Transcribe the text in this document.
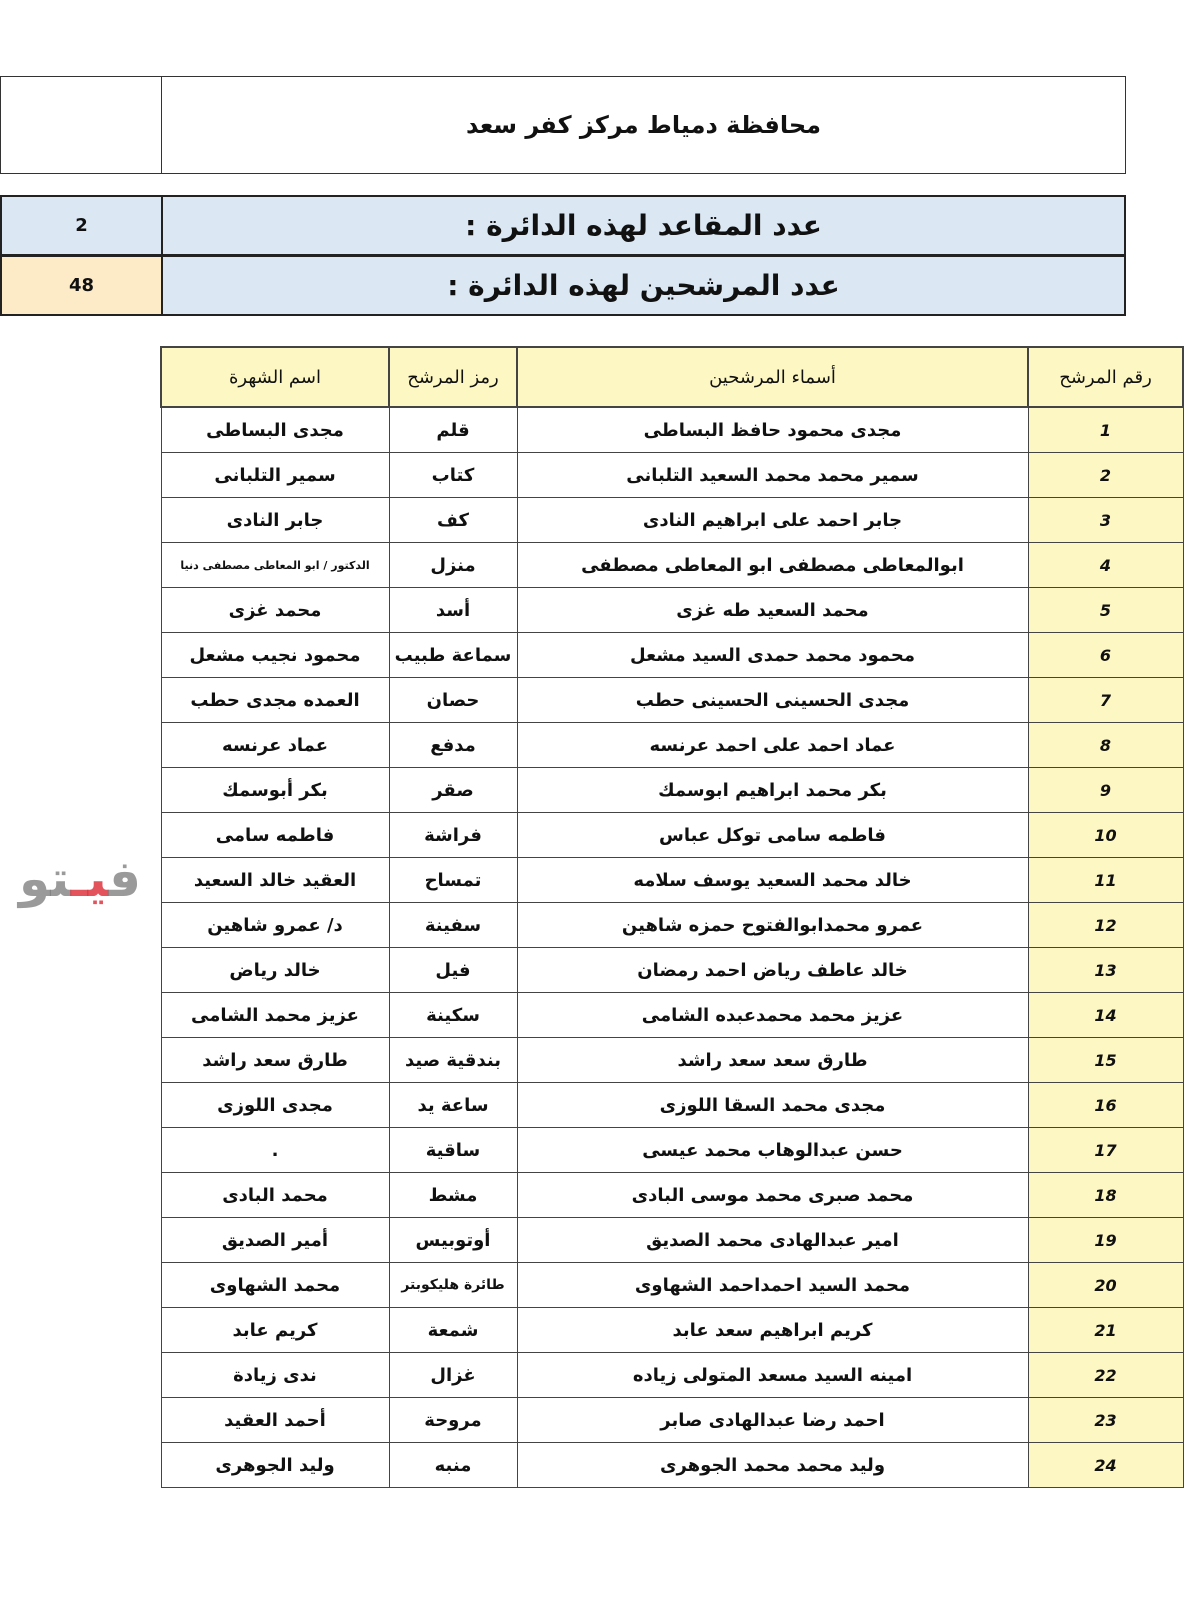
محافظة دمياط مركز كفر سعد
2	عدد المقاعد لهذه الدائرة :
48	عدد المرشحين لهذه الدائرة :
اسم الشهرة	رمز المرشح	أسماء المرشحين	رقم المرشح
مجدى البساطى	قلم	مجدى محمود حافظ البساطى	1
سمير التلبانى	كتاب	سمير محمد محمد السعيد التلبانى	2
جابر النادى	كف	جابر احمد على ابراهيم النادى	3
الدكتور / ابو المعاطى مصطفى دنيا	منزل	ابوالمعاطى مصطفى ابو المعاطى مصطفى	4
محمد غزى	أسد	محمد السعيد طه غزى	5
محمود نجيب مشعل	سماعة طبيب	محمود محمد حمدى السيد مشعل	6
العمده مجدى حطب	حصان	مجدى الحسينى الحسينى حطب	7
عماد عرنسه	مدفع	عماد احمد على احمد عرنسه	8
بكر أبوسمك	صقر	بكر محمد ابراهيم ابوسمك	9
فاطمه سامى	فراشة	فاطمه سامى توكل عباس	10
العقيد خالد السعيد	تمساح	خالد محمد السعيد يوسف سلامه	11
د/ عمرو شاهين	سفينة	عمرو محمدابوالفتوح حمزه شاهين	12
خالد رياض	فيل	خالد عاطف رياض احمد رمضان	13
عزيز محمد الشامى	سكينة	عزيز محمد محمدعبده الشامى	14
طارق سعد راشد	بندقية صيد	طارق سعد سعد راشد	15
مجدى اللوزى	ساعة يد	مجدى محمد السقا اللوزى	16
.	ساقية	حسن عبدالوهاب محمد عيسى	17
محمد البادى	مشط	محمد صبرى محمد موسى البادى	18
أمير الصديق	أوتوبيس	امير عبدالهادى محمد الصديق	19
محمد الشهاوى	طائرة هليكوبتر	محمد السيد احمداحمد الشهاوى	20
كريم عابد	شمعة	كريم ابراهيم سعد عابد	21
ندى زيادة	غزال	امينه السيد مسعد المتولى زياده	22
أحمد العقيد	مروحة	احمد رضا عبدالهادى صابر	23
وليد الجوهرى	منبه	وليد محمد محمد الجوهرى	24
فيـتو
